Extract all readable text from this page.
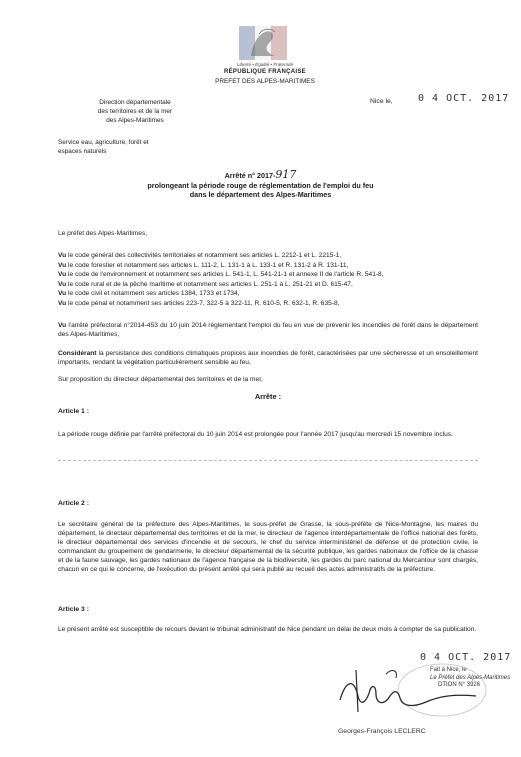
Liberté • Égalité • Fraternité
RÉPUBLIQUE FRANÇAISE
PREFET DES ALPES-MARITIMES
Direction départementale
des territoires et de la mer
des Alpes-Maritimes
Service eau, agriculture, forêt et
espaces naturels
Nice le,	0 4 OCT. 2017
Arrêté n° 2017-917
prolongeant la période rouge de réglementation de l'emploi du feu
dans le département des Alpes-Maritimes
Le préfet des Alpes-Maritimes,
Vu le code général des collectivités territoriales et notamment ses articles L. 2212-1 et L. 2215-1,
Vu le code forestier et notamment ses articles L. 111-2, L. 131-1 à L. 133-1 et R. 131-2 à R. 131-11,
Vu le code de l'environnement et notamment ses articles L. 541-1, L. 541-21-1 et annexe II de l'article R. 541-8,
Vu le code rural et de la pêche maritime et notamment ses articles L. 251-1 à L. 251-21 et D. 615-47,
Vu le code civil et notamment ses articles 1384, 1733 et 1734,
Vu le code pénal et notamment ses articles 223-7, 322-5 à 322-11, R. 610-5, R. 632-1, R. 635-8,
Vu l'arrêté préfectoral n°2014-453 du 10 juin 2014 réglementant l'emploi du feu en vue de prévenir les incendies de forêt dans le département des Alpes-Maritimes,
Considérant la persistance des conditions climatiques propices aux incendies de forêt, caractérisées par une sécheresse et un ensoleillement importants, rendant la végétation particulièrement sensible au feu,
Sur proposition du directeur départemental des territoires et de la mer,
Arrête :
Article 1 :
La période rouge définie par l'arrêté préfectoral du 10 juin 2014 est prolongée pour l'année 2017 jusqu'au mercredi 15 novembre inclus.
Article 2 :
Le secrétaire général de la préfecture des Alpes-Maritimes, le sous-préfet de Grasse, la sous-préfète de Nice-Montagne, les maires du département, le directeur départemental des territoires et de la mer, le directeur de l'agence interdépartementale de l'office national des forêts, le directeur départemental des services d'incendie et de secours, le chef du service interministériel de défense et de protection civile, le commandant du groupement de gendarmerie, le directeur départemental de la sécurité publique, les gardes nationaux de l'office de la chasse et de la faune sauvage, les gardes nationaux de l'agence française de la biodiversité, les gardes du parc national du Mercantour sont chargés, chacun en ce qui le concerne, de l'exécution du présent arrêté qui sera publié au recueil des actes administratifs de la préfecture.
Article 3 :
Le présent arrêté est susceptible de recours devant le tribunal administratif de Nice pendant un délai de deux mois à compter de sa publication.
0 4 OCT. 2017
Fait à Nice, le
Le Préfet des Alpes-Maritimes
DTION N° 3926
Georges-François LECLERC
